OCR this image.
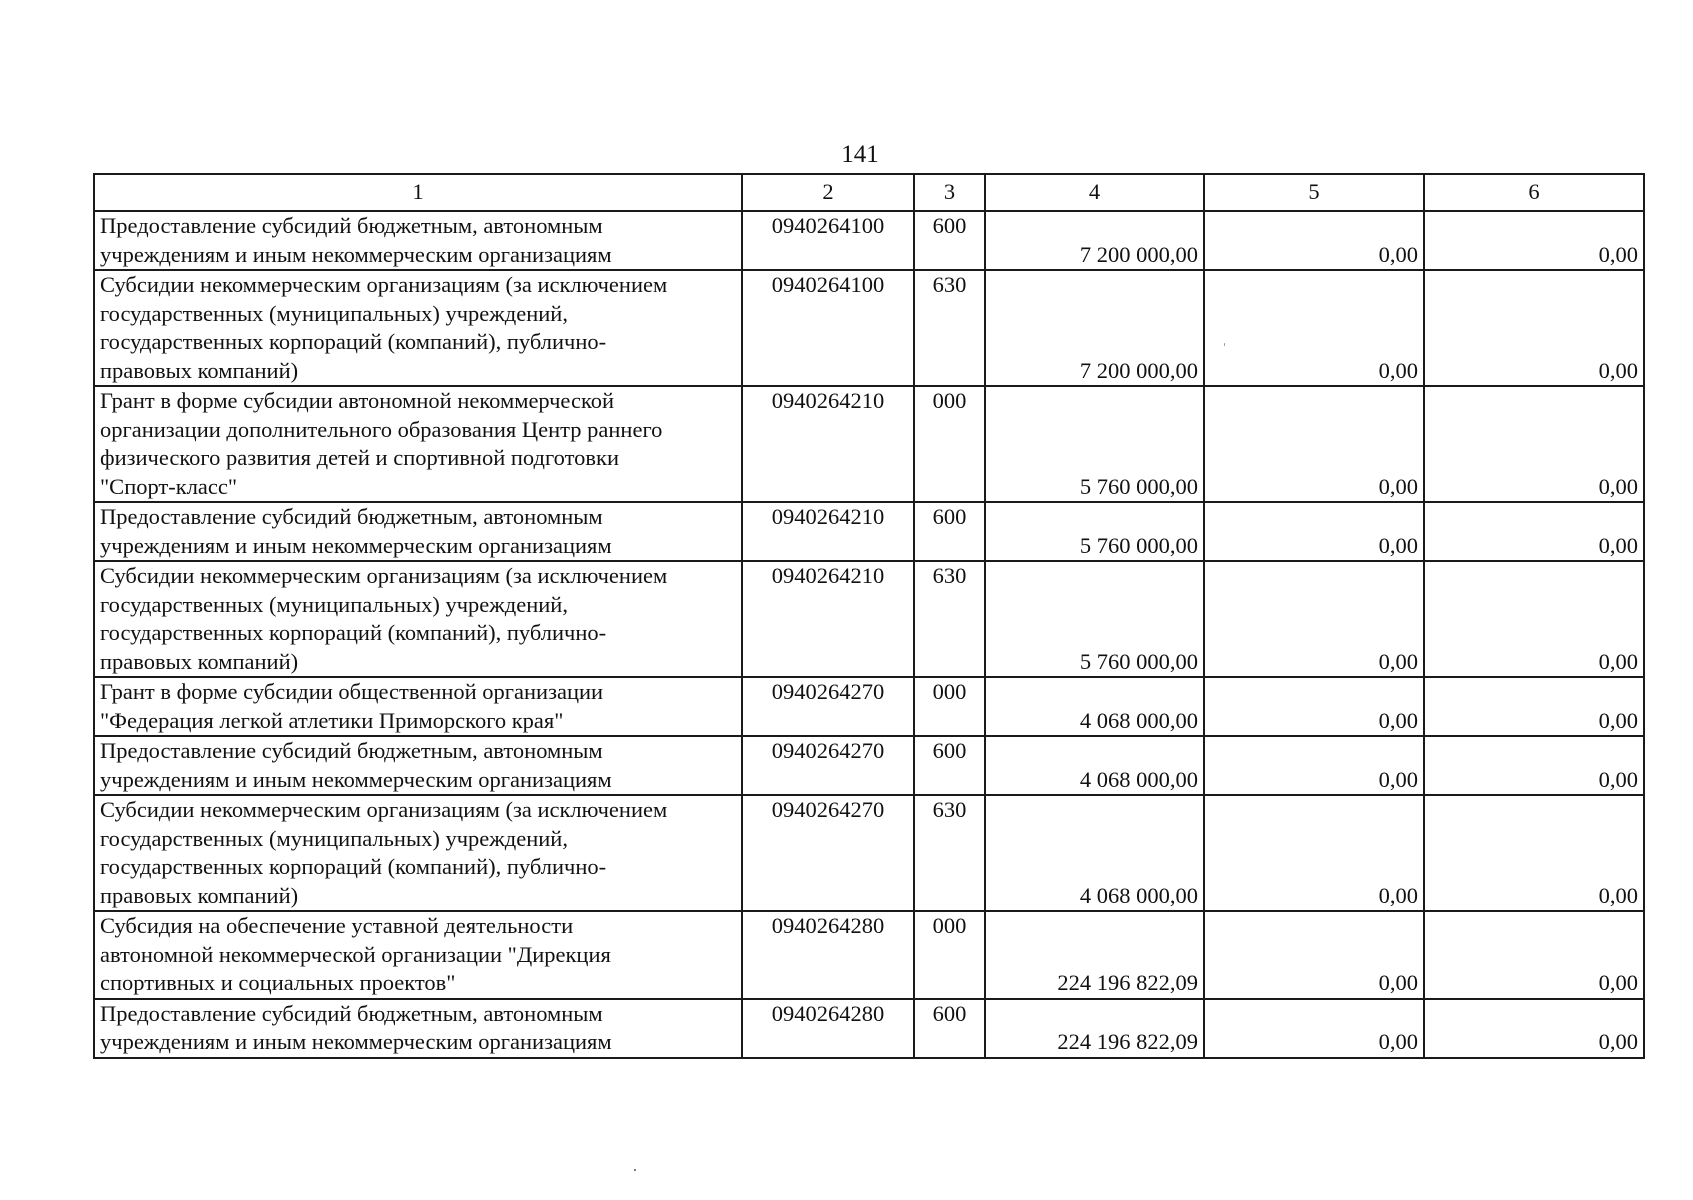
141
1	2	3	4	5	6

Предоставление субсидий бюджетным, автономным
учреждениям и иным некоммерческим организациям	0940264100	600	7 200 000,00	0,00	0,00

Субсидии некоммерческим организациям (за исключением
государственных (муниципальных) учреждений,
государственных корпораций (компаний), публично-
правовых компаний)	0940264100	630	7 200 000,00	0,00	0,00

Грант в форме субсидии автономной некоммерческой
организации дополнительного образования Центр раннего
физического развития детей и спортивной подготовки
"Спорт-класс"	0940264210	000	5 760 000,00	0,00	0,00

Предоставление субсидий бюджетным, автономным
учреждениям и иным некоммерческим организациям	0940264210	600	5 760 000,00	0,00	0,00

Субсидии некоммерческим организациям (за исключением
государственных (муниципальных) учреждений,
государственных корпораций (компаний), публично-
правовых компаний)	0940264210	630	5 760 000,00	0,00	0,00

Грант в форме субсидии общественной организации
"Федерация легкой атлетики Приморского края"	0940264270	000	4 068 000,00	0,00	0,00

Предоставление субсидий бюджетным, автономным
учреждениям и иным некоммерческим организациям	0940264270	600	4 068 000,00	0,00	0,00

Субсидии некоммерческим организациям (за исключением
государственных (муниципальных) учреждений,
государственных корпораций (компаний), публично-
правовых компаний)	0940264270	630	4 068 000,00	0,00	0,00

Субсидия на обеспечение уставной деятельности
автономной некоммерческой организации "Дирекция
спортивных и социальных проектов"	0940264280	000	224 196 822,09	0,00	0,00

Предоставление субсидий бюджетным, автономным
учреждениям и иным некоммерческим организациям	0940264280	600	224 196 822,09	0,00	0,00
